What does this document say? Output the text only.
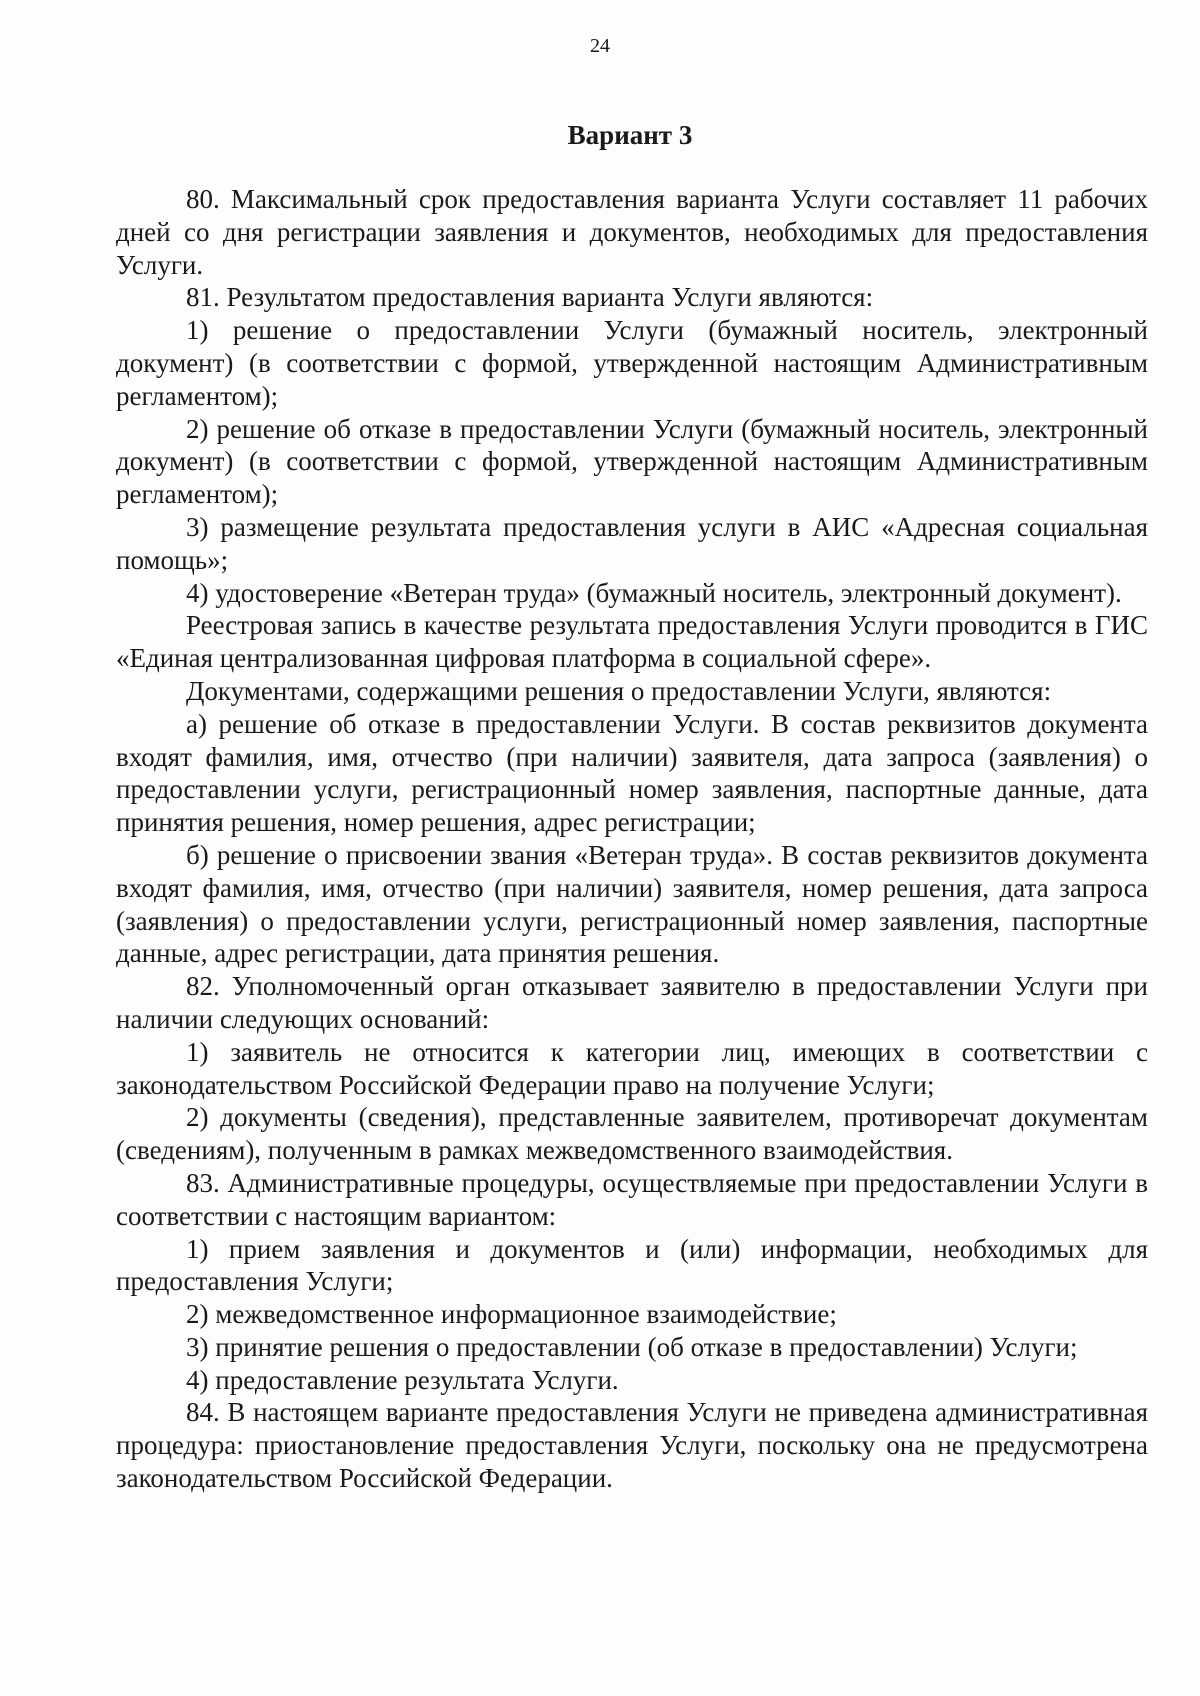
24
Вариант 3

80. Максимальный срок предоставления варианта Услуги составляет 11 рабочих дней со дня регистрации заявления и документов, необходимых для предоставления Услуги.

81. Результатом предоставления варианта Услуги являются:

1) решение о предоставлении Услуги (бумажный носитель, электронный документ) (в соответствии с формой, утвержденной настоящим Административным регламентом);

2) решение об отказе в предоставлении Услуги (бумажный носитель, электронный документ) (в соответствии с формой, утвержденной настоящим Административным регламентом);

3) размещение результата предоставления услуги в АИС «Адресная социальная помощь»;

4) удостоверение «Ветеран труда» (бумажный носитель, электронный документ).

Реестровая запись в качестве результата предоставления Услуги проводится в ГИС «Единая централизованная цифровая платформа в социальной сфере».

Документами, содержащими решения о предоставлении Услуги, являются:

а) решение об отказе в предоставлении Услуги. В состав реквизитов документа входят фамилия, имя, отчество (при наличии) заявителя, дата запроса (заявления) о предоставлении услуги, регистрационный номер заявления, паспортные данные, дата принятия решения, номер решения, адрес регистрации;

б) решение о присвоении звания «Ветеран труда». В состав реквизитов документа входят фамилия, имя, отчество (при наличии) заявителя, номер решения, дата запроса (заявления) о предоставлении услуги, регистрационный номер заявления, паспортные данные, адрес регистрации, дата принятия решения.

82. Уполномоченный орган отказывает заявителю в предоставлении Услуги при наличии следующих оснований:

1) заявитель не относится к категории лиц, имеющих в соответствии с законодательством Российской Федерации право на получение Услуги;

2) документы (сведения), представленные заявителем, противоречат документам (сведениям), полученным в рамках межведомственного взаимодействия.

83. Административные процедуры, осуществляемые при предоставлении Услуги в соответствии с настоящим вариантом:

1) прием заявления и документов и (или) информации, необходимых для предоставления Услуги;

2) межведомственное информационное взаимодействие;

3) принятие решения о предоставлении (об отказе в предоставлении) Услуги;

4) предоставление результата Услуги.

84. В настоящем варианте предоставления Услуги не приведена административная процедура: приостановление предоставления Услуги, поскольку она не предусмотрена законодательством Российской Федерации.
